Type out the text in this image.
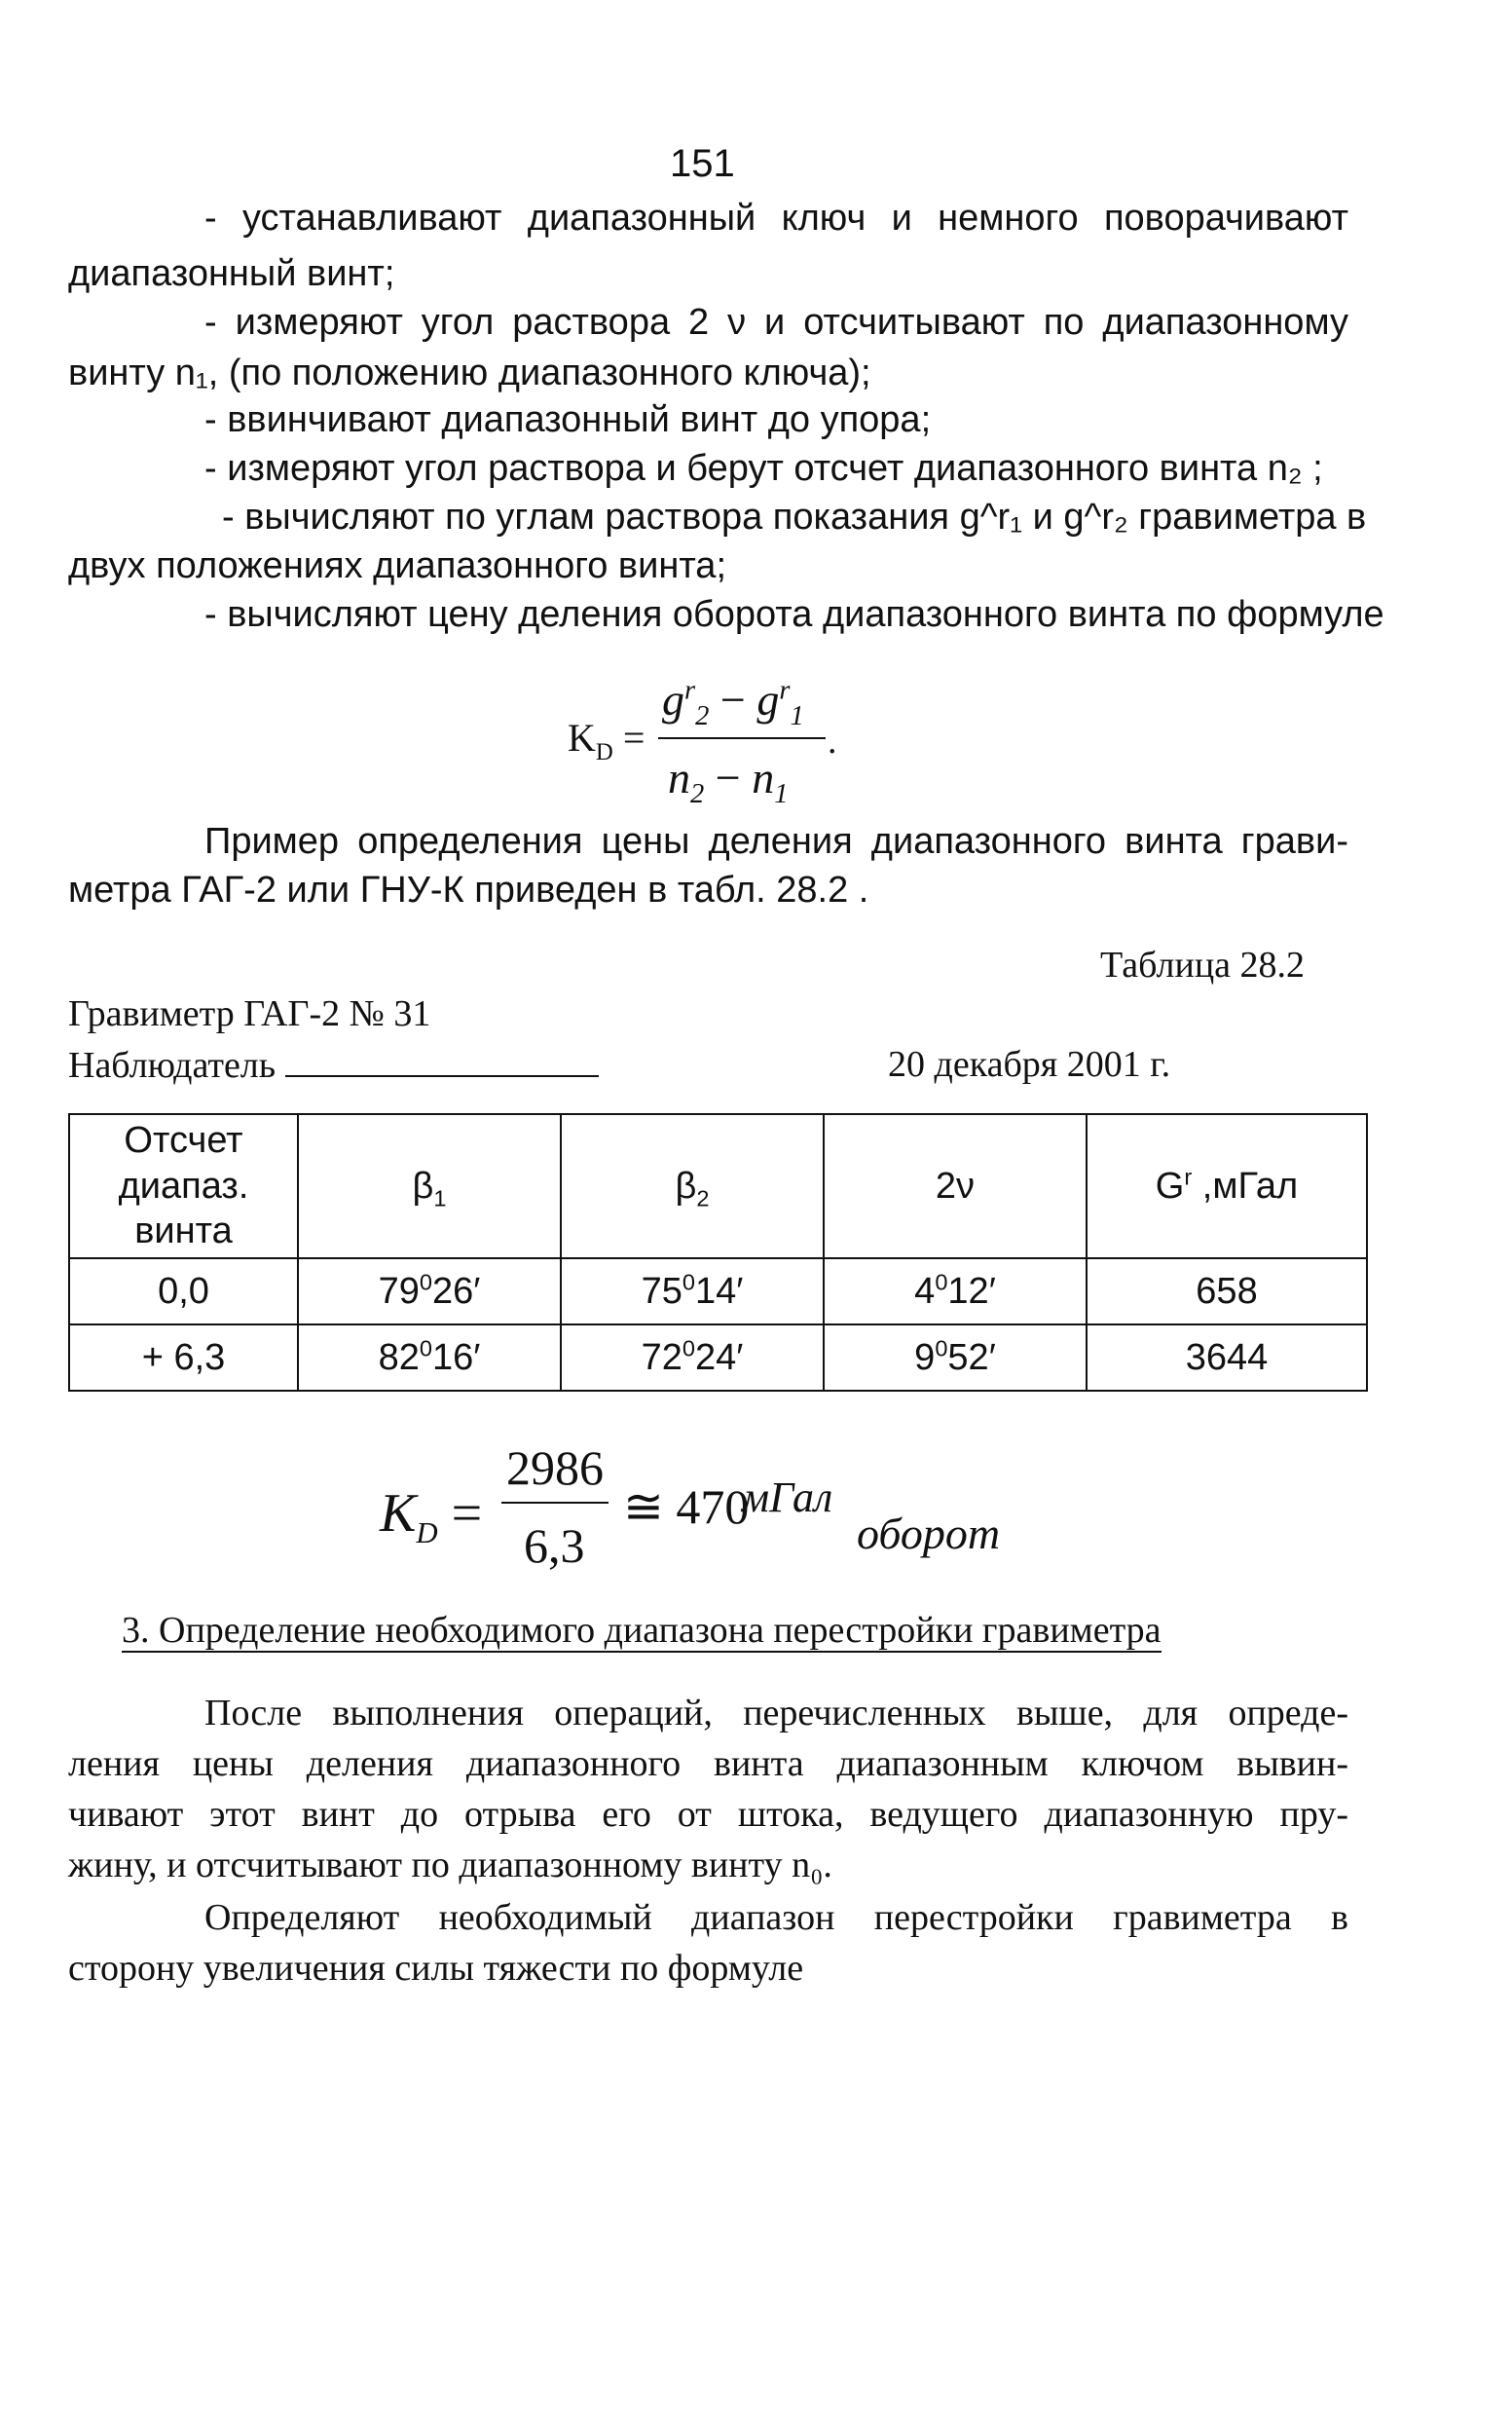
151
- устанавливают диапазонный ключ и немного поворачивают
диапазонный винт;
- измеряют угол раствора 2 ν и отсчитывают по диапазонному
винту n₁, (по положению диапазонного ключа);
- ввинчивают диапазонный винт до упора;
- измеряют угол раствора и берут отсчет диапазонного винта n₂ ;
- вычисляют по углам раствора показания g^r₁ и g^r₂ гравиметра в
двух положениях диапазонного винта;
- вычисляют цену деления оборота диапазонного винта по формуле
$K_D$ =
$g^r_2 - g^r_1$
$n_2 - n_1$
.
Пример определения цены деления диапазонного винта грави-
метра ГАГ-2 или ГНУ-К приведен в табл. 28.2 .
Таблица 28.2
Гравиметр ГАГ-2 № 31
Наблюдатель	20 декабря 2001 г.
Отсчет
диапаз.
винта	$\beta_1$	$\beta_2$	2ν	$G^r$ ,мГал
0,0	$79^026'$	$75^014'$	$4^012'$	658
+ 6,3	$82^016'$	$72^024'$	$9^052'$	3644
$K_D$ =
2986
6,3
≅ 470
мГал
оборот
3. Определение необходимого диапазона перестройки гравиметра
После выполнения операций, перечисленных выше, для опреде-
ления цены деления диапазонного винта диапазонным ключом вывин-
чивают этот винт до отрыва его от штока, ведущего диапазонную пру-
жину, и отсчитывают по диапазонному винту n₀.
Определяют необходимый диапазон перестройки гравиметра в
сторону увеличения силы тяжести по формуле
